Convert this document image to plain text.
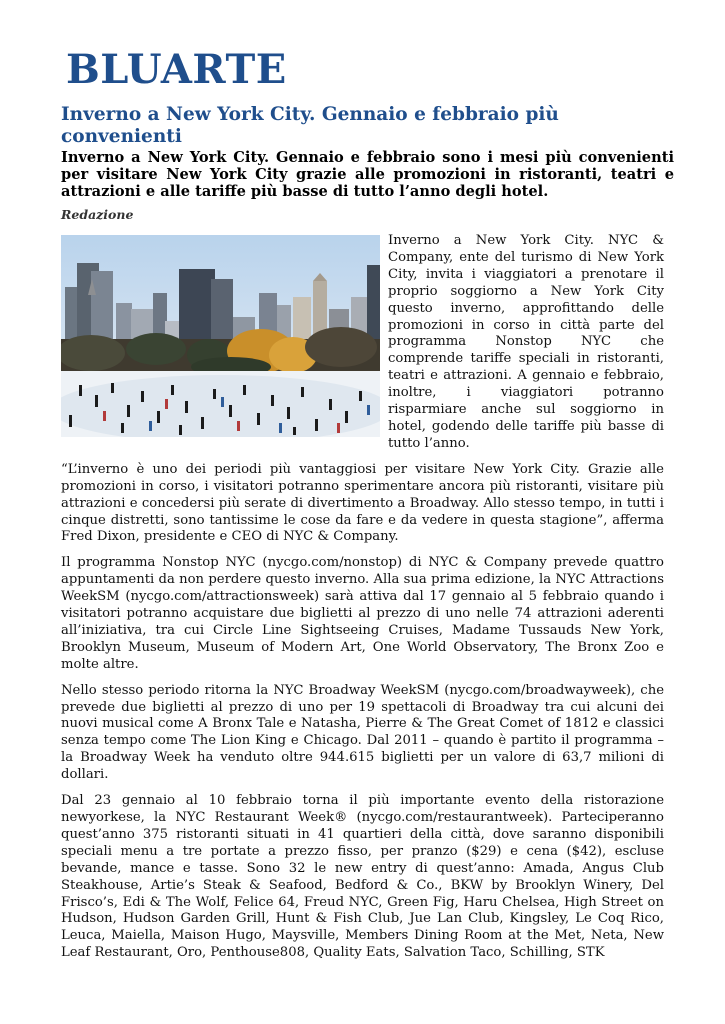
BLUARTE
Inverno a New York City. Gennaio e febbraio più convenienti

Inverno a New York City. Gennaio e febbraio sono i mesi più convenienti per visitare New York City grazie alle promozioni in ristoranti, teatri e attrazioni e alle tariffe più basse di tutto l’anno degli hotel.

Redazione

Inverno a New York City. NYC & Company, ente del turismo di New York City, invita i viaggiatori a prenotare il proprio soggiorno a New York City questo inverno, approfittando delle promozioni in corso in città parte del programma Nonstop NYC che comprende tariffe speciali in ristoranti, teatri e attrazioni. A gennaio e febbraio, inoltre, i viaggiatori potranno risparmiare anche sul soggiorno in hotel, godendo delle tariffe più basse di tutto l’anno.

“L’inverno è uno dei periodi più vantaggiosi per visitare New York City. Grazie alle promozioni in corso, i visitatori potranno sperimentare ancora più ristoranti, visitare più attrazioni e concedersi più serate di divertimento a Broadway. Allo stesso tempo, in tutti i cinque distretti, sono tantissime le cose da fare e da vedere in questa stagione”, afferma Fred Dixon, presidente e CEO di NYC & Company.

Il programma Nonstop NYC (nycgo.com/nonstop) di NYC & Company prevede quattro appuntamenti da non perdere questo inverno. Alla sua prima edizione, la NYC Attractions WeekSM (nycgo.com/attractionsweek) sarà attiva dal 17 gennaio al 5 febbraio quando i visitatori potranno acquistare due biglietti al prezzo di uno nelle 74 attrazioni aderenti all’iniziativa, tra cui Circle Line Sightseeing Cruises, Madame Tussauds New York, Brooklyn Museum, Museum of Modern Art, One World Observatory, The Bronx Zoo e molte altre.

Nello stesso periodo ritorna la NYC Broadway WeekSM (nycgo.com/broadwayweek), che prevede due biglietti al prezzo di uno per 19 spettacoli di Broadway tra cui alcuni dei nuovi musical come A Bronx Tale e Natasha, Pierre & The Great Comet of 1812 e classici senza tempo come The Lion King e Chicago. Dal 2011 – quando è partito il programma – la Broadway Week ha venduto oltre 944.615 biglietti per un valore di 63,7 milioni di dollari.

Dal 23 gennaio al 10 febbraio torna il più importante evento della ristorazione newyorkese, la NYC Restaurant Week® (nycgo.com/restaurantweek). Parteciperanno quest’anno 375 ristoranti situati in 41 quartieri della città, dove saranno disponibili speciali menu a tre portate a prezzo fisso, per pranzo ($29) e cena ($42), escluse bevande, mance e tasse. Sono 32 le new entry di quest’anno: Amada, Angus Club Steakhouse, Artie’s Steak & Seafood, Bedford & Co., BKW by Brooklyn Winery, Del Frisco’s, Edi & The Wolf, Felice 64, Freud NYC, Green Fig, Haru Chelsea, High Street on Hudson, Hudson Garden Grill, Hunt & Fish Club, Jue Lan Club, Kingsley, Le Coq Rico, Leuca, Maiella, Maison Hugo, Maysville, Members Dining Room at the Met, Neta, New Leaf Restaurant, Oro, Penthouse808, Quality Eats, Salvation Taco, Schilling, STK
